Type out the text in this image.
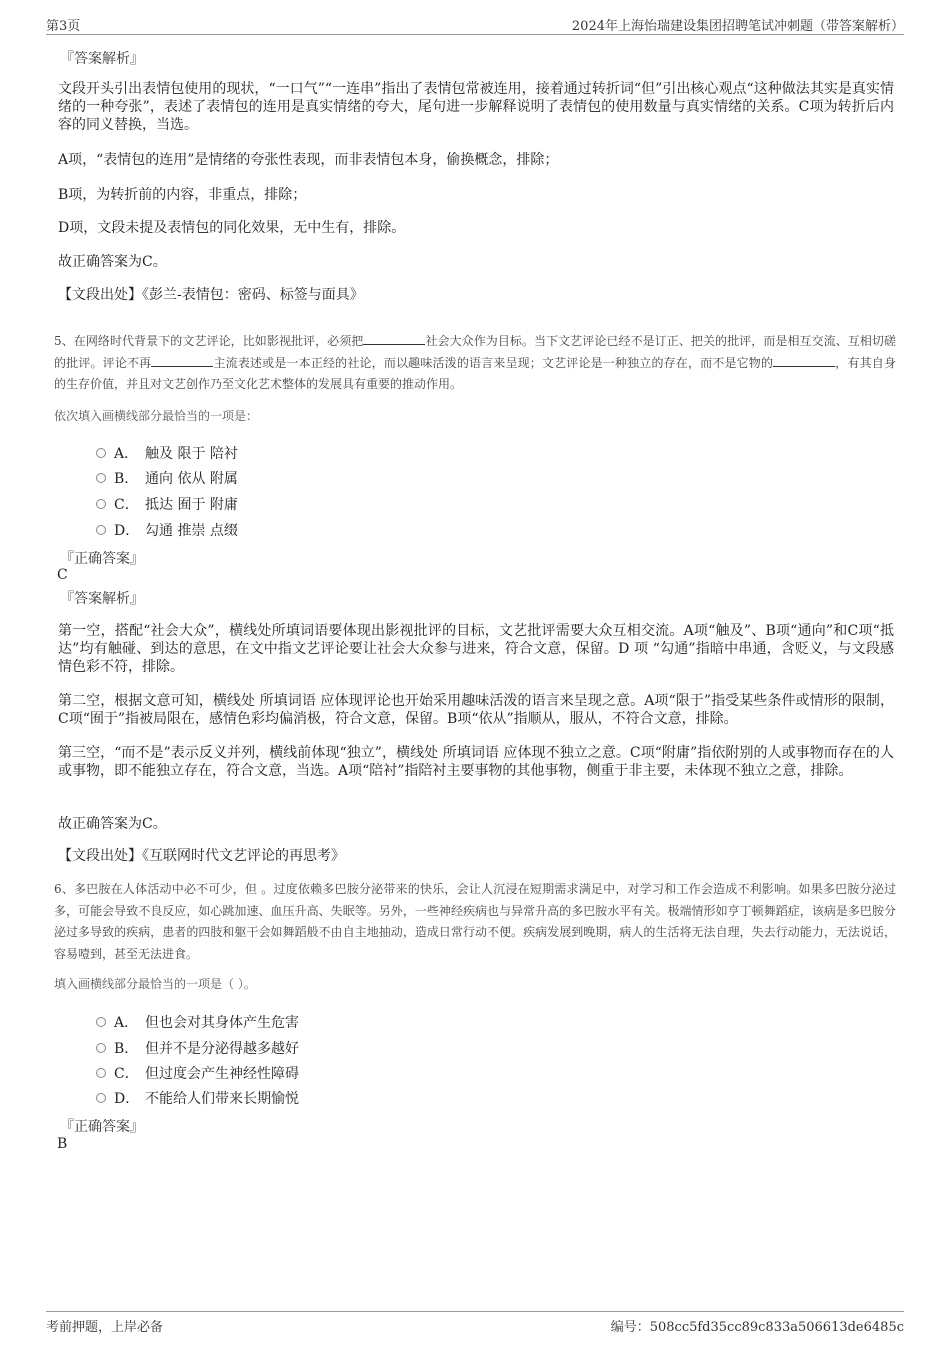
第3页	2024年上海怡瑞建设集团招聘笔试冲刺题（带答案解析）
『答案解析』

文段开头引出表情包使用的现状，“一口气”“一连串”指出了表情包常被连用，接着通过转折词“但”引出核心观点“这种做法其实是真实情绪的一种夸张”，表述了表情包的连用是真实情绪的夸大，尾句进一步解释说明了表情包的使用数量与真实情绪的关系。C项为转折后内容的同义替换，当选。

A项，“表情包的连用”是情绪的夸张性表现，而非表情包本身，偷换概念，排除；

B项，为转折前的内容，非重点，排除；

D项，文段未提及表情包的同化效果，无中生有，排除。

故正确答案为C。

【文段出处】《彭兰-表情包：密码、标签与面具》

5、在网络时代背景下的文艺评论，比如影视批评，必须把	社会大众作为目标。当下文艺评论已经不是订正、把关的批评，而是相互交流、互相切磋的批评。评论不再	主流表述或是一本正经的社论，而以趣味活泼的语言来呈现；文艺评论是一种独立的存在，而不是它物的	，有其自身的生存价值，并且对文艺创作乃至文化艺术整体的发展具有重要的推动作用。

依次填入画横线部分最恰当的一项是：
A． 触及 限于 陪衬
B． 通向 依从 附属
C． 抵达 囿于 附庸
D． 勾通 推崇 点缀
『正确答案』
C
『答案解析』

第一空，搭配“社会大众”，横线处所填词语要体现出影视批评的目标，文艺批评需要大众互相交流。A项“触及”、B项“通向”和C项“抵达”均有触碰、到达的意思，在文中指文艺评论要让社会大众参与进来，符合文意，保留。D 项 “勾通”指暗中串通，含贬义，与文段感情色彩不符，排除。

第二空，根据文意可知，横线处 所填词语 应体现评论也开始采用趣味活泼的语言来呈现之意。A项“限于”指受某些条件或情形的限制，C项“囿于”指被局限在，感情色彩均偏消极，符合文意，保留。B项“依从”指顺从，服从，不符合文意，排除。

第三空，“而不是”表示反义并列，横线前体现“独立”，横线处 所填词语 应体现不独立之意。C项“附庸”指依附别的人或事物而存在的人或事物，即不能独立存在，符合文意，当选。A项“陪衬”指陪衬主要事物的其他事物，侧重于非主要，未体现不独立之意，排除。

故正确答案为C。

【文段出处】《互联网时代文艺评论的再思考》

6、多巴胺在人体活动中必不可少，但 。过度依赖多巴胺分泌带来的快乐，会让人沉浸在短期需求满足中，对学习和工作会造成不利影响。如果多巴胺分泌过多，可能会导致不良反应，如心跳加速、血压升高、失眠等。另外，一些神经疾病也与异常升高的多巴胺水平有关。极端情形如亨丁顿舞蹈症，该病是多巴胺分泌过多导致的疾病，患者的四肢和躯干会如舞蹈般不由自主地抽动，造成日常行动不便。疾病发展到晚期，病人的生活将无法自理，失去行动能力，无法说话，容易噎到，甚至无法进食。

填入画横线部分最恰当的一项是（ ）。
A． 但也会对其身体产生危害
B． 但并不是分泌得越多越好
C． 但过度会产生神经性障碍
D． 不能给人们带来长期愉悦
『正确答案』
B
考前押题，上岸必备	编号：508cc5fd35cc89c833a506613de6485c
